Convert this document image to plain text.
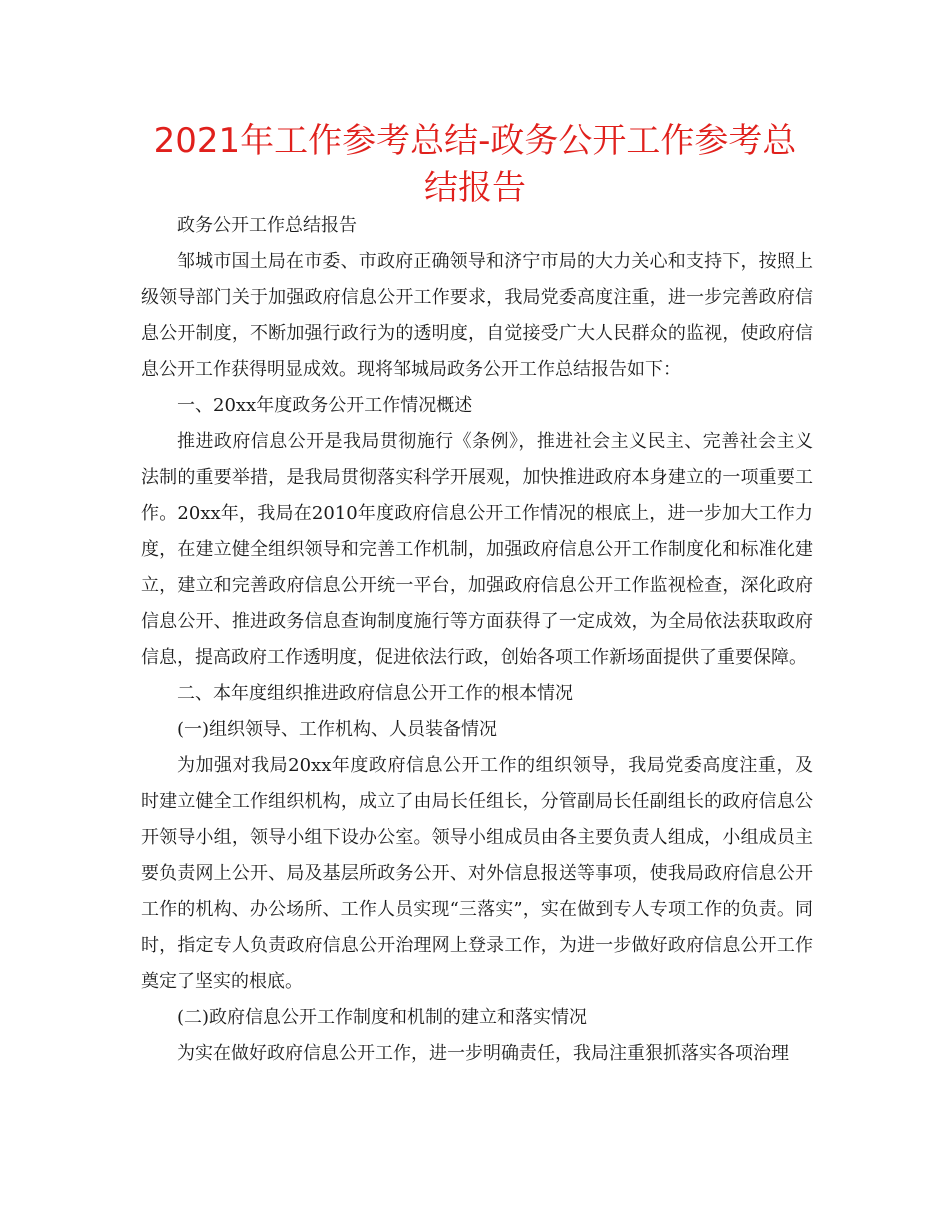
2021年工作参考总结-政务公开工作参考总结报告

政务公开工作总结报告

邹城市国土局在市委、市政府正确领导和济宁市局的大力关心和支持下，按照上级领导部门关于加强政府信息公开工作要求，我局党委高度注重，进一步完善政府信息公开制度，不断加强行政行为的透明度，自觉接受广大人民群众的监视，使政府信息公开工作获得明显成效。现将邹城局政务公开工作总结报告如下：

一、20xx年度政务公开工作情况概述

推进政府信息公开是我局贯彻施行《条例》，推进社会主义民主、完善社会主义法制的重要举措，是我局贯彻落实科学开展观，加快推进政府本身建立的一项重要工作。20xx年，我局在2010年度政府信息公开工作情况的根底上，进一步加大工作力度，在建立健全组织领导和完善工作机制，加强政府信息公开工作制度化和标准化建立，建立和完善政府信息公开统一平台，加强政府信息公开工作监视检查，深化政府信息公开、推进政务信息查询制度施行等方面获得了一定成效，为全局依法获取政府信息，提高政府工作透明度，促进依法行政，创始各项工作新场面提供了重要保障。

二、本年度组织推进政府信息公开工作的根本情况

(一)组织领导、工作机构、人员装备情况

为加强对我局20xx年度政府信息公开工作的组织领导，我局党委高度注重，及时建立健全工作组织机构，成立了由局长任组长，分管副局长任副组长的政府信息公开领导小组，领导小组下设办公室。领导小组成员由各主要负责人组成，小组成员主要负责网上公开、局及基层所政务公开、对外信息报送等事项，使我局政府信息公开工作的机构、办公场所、工作人员实现“三落实”，实在做到专人专项工作的负责。同时，指定专人负责政府信息公开治理网上登录工作，为进一步做好政府信息公开工作奠定了坚实的根底。

(二)政府信息公开工作制度和机制的建立和落实情况

为实在做好政府信息公开工作，进一步明确责任，我局注重狠抓落实各项治理
